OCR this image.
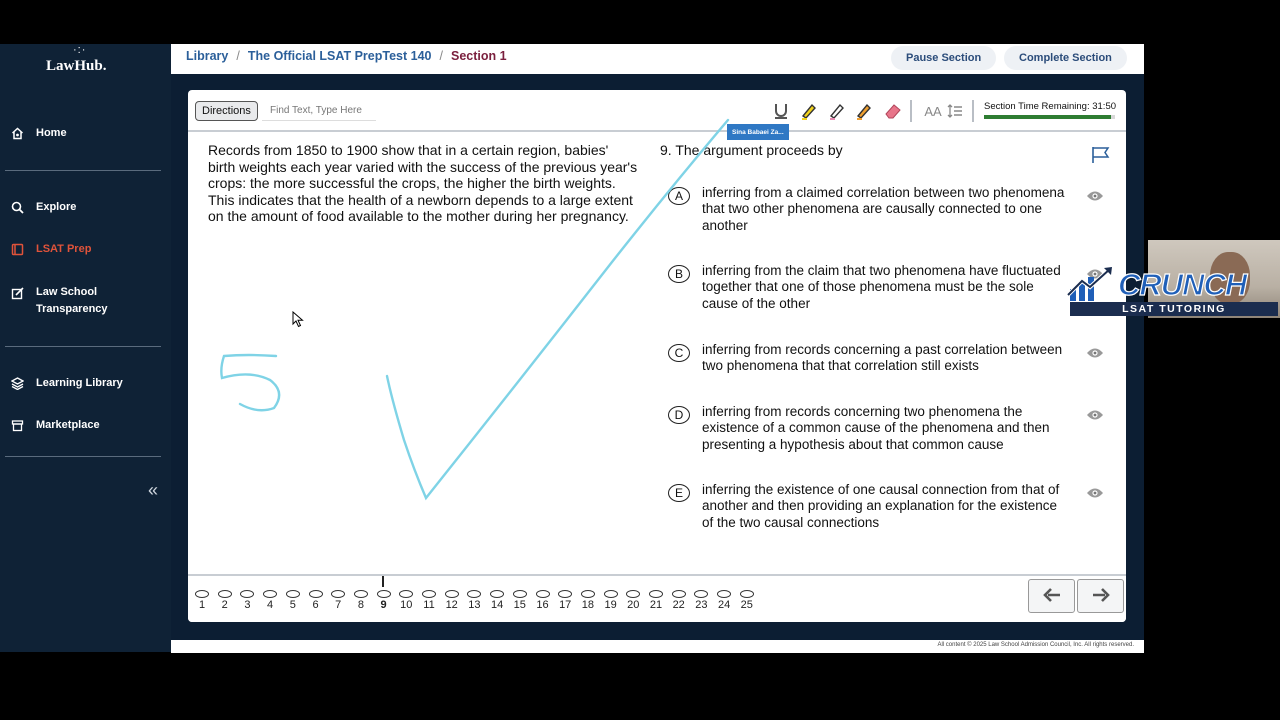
·:·
LawHub.
Home
Explore
LSAT Prep
Law School Transparency
Learning Library
Marketplace
«
Library / The Official LSAT PrepTest 140 / Section 1	Pause Section	Complete Section
Directions
Find Text, Type Here	AA	Section Time Remaining: 31:50
Records from 1850 to 1900 show that in a certain region, babies' birth weights each year varied with the success of the previous year's crops: the more successful the crops, the higher the birth weights. This indicates that the health of a newborn depends to a large extent on the amount of food available to the mother during her pregnancy.
9. The argument proceeds by
A	inferring from a claimed correlation between two phenomena that two other phenomena are causally connected to one another
B	inferring from the claim that two phenomena have fluctuated together that one of those phenomena must be the sole cause of the other
C	inferring from records concerning a past correlation between two phenomena that that correlation still exists
D	inferring from records concerning two phenomena the existence of a common cause of the phenomena and then presenting a hypothesis about that common cause
E	inferring the existence of one causal connection from that of another and then providing an explanation for the existence of the two causal connections
Sina Babaei Za...
1	2	3	4	5	6	7	8	9	10 11 12 13 14 15 16 17 18 19 20 21 22 23 24 25
All content © 2025 Law School Admission Council, Inc. All rights reserved.
CRUNCH
LSAT TUTORING
